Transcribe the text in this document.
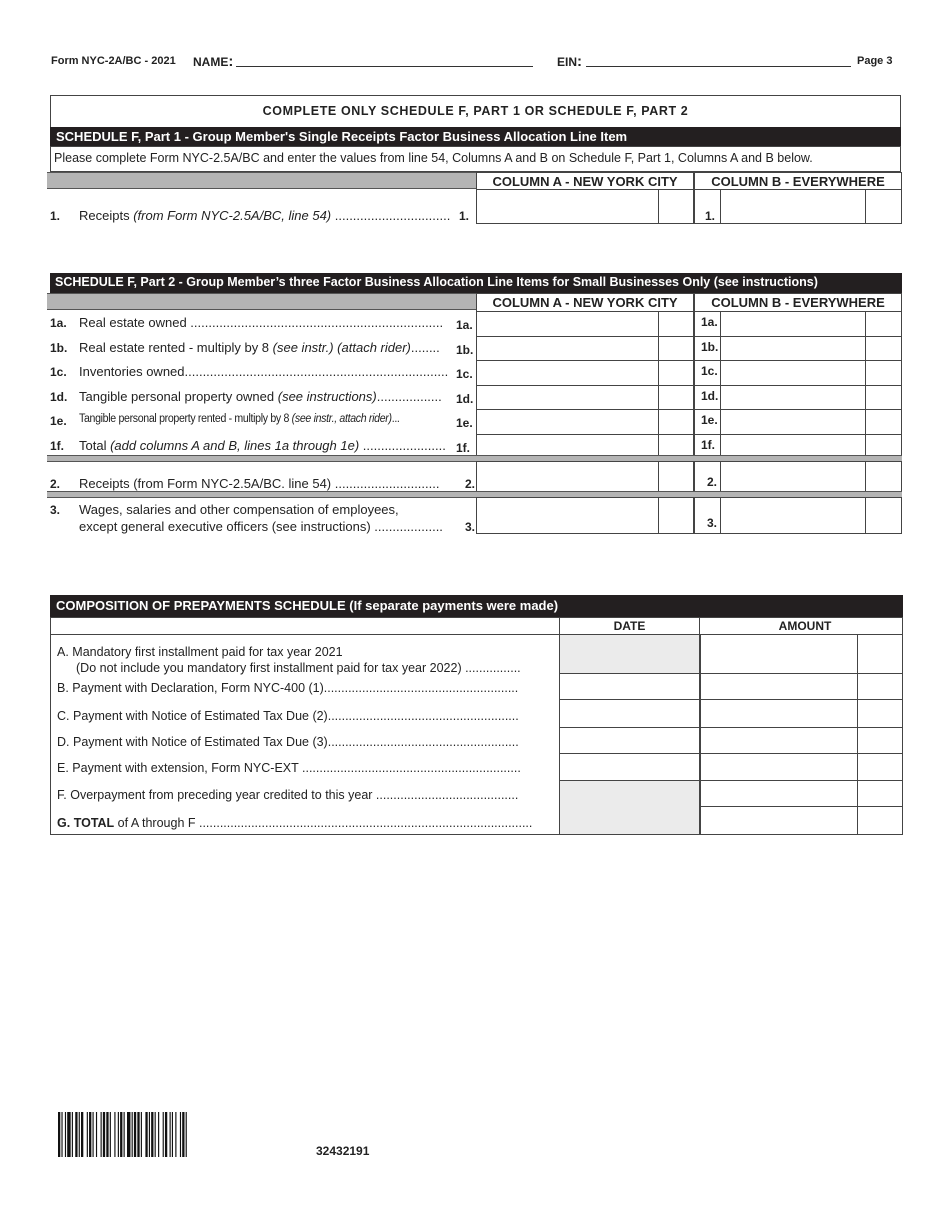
Form NYC-2A/BC - 2021 NAME:	EIN:	Page 3
COMPLETE ONLY SCHEDULE F, PART 1 OR SCHEDULE F, PART 2
SCHEDULE F, Part 1 - Group Member's Single Receipts Factor Business Allocation Line Item
Please complete Form NYC-2.5A/BC and enter the values from line 54, Columns A and B on Schedule F, Part 1, Columns A and B below.
COLUMN A - NEW YORK CITY	COLUMN B - EVERYWHERE
1. Receipts (from Form NYC-2.5A/BC, line 54) ................................ 1.	1.
SCHEDULE F, Part 2 - Group Member’s three Factor Business Allocation Line Items for Small Businesses Only (see instructions)
COLUMN A - NEW YORK CITY	COLUMN B - EVERYWHERE
1a. Real estate owned ...................................................................... 1a.	1a.
1b. Real estate rented - multiply by 8 (see instr.) (attach rider)........ 1b.	1b.
1c. Inventories owned......................................................................... 1c.	1c.
1d. Tangible personal property owned (see instructions).................. 1d.	1d.
1e. Tangible personal property rented - multiply by 8 (see instr., attach rider)...	1e.	1e.
1f. Total (add columns A and B, lines 1a through 1e) ....................... 1f.	1f.
2. Receipts (from Form NYC-2.5A/BC. line 54) ............................. 2.	2.
3. Wages, salaries and other compensation of employees,
except general executive officers (see instructions) ................... 3.	3.
COMPOSITION OF PREPAYMENTS SCHEDULE (If separate payments were made)
DATE	AMOUNT
A. Mandatory first installment paid for tax year 2021
(Do not include you mandatory first installment paid for tax year 2022) ................
B. Payment with Declaration, Form NYC-400 (1)........................................................
C. Payment with Notice of Estimated Tax Due (2).......................................................
D. Payment with Notice of Estimated Tax Due (3).......................................................
E. Payment with extension, Form NYC-EXT ...............................................................
F. Overpayment from preceding year credited to this year .........................................
G. TOTAL of A through F ................................................................................................
32432191
